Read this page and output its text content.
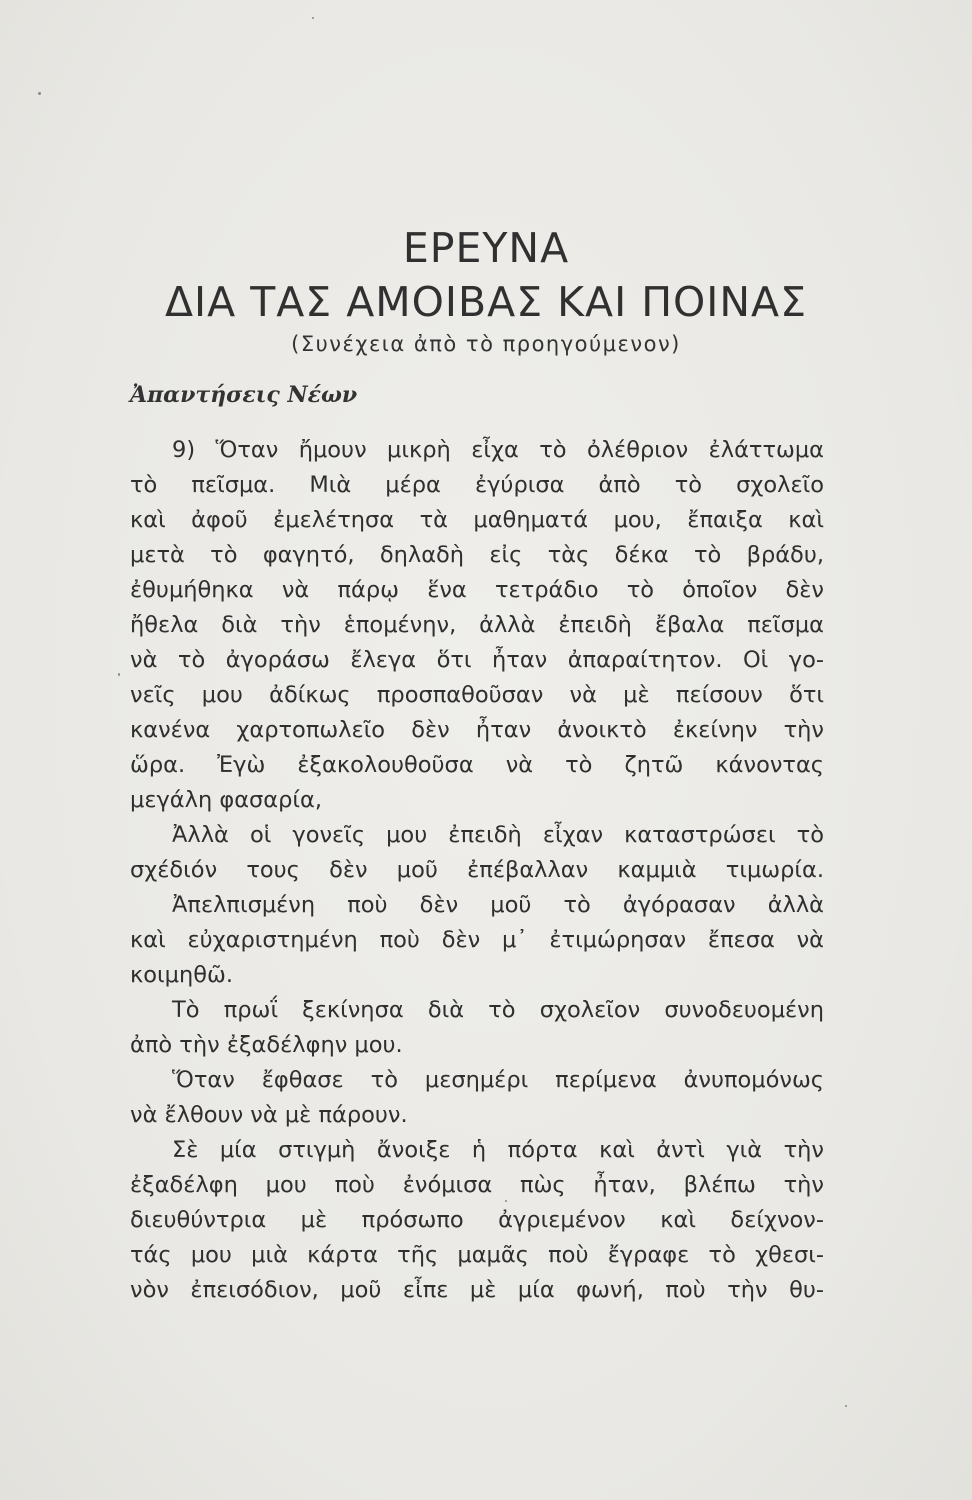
ΕΡΕΥΝΑ
ΔΙΑ ΤΑΣ ΑΜΟΙΒΑΣ ΚΑΙ ΠΟΙΝΑΣ
(Συνέχεια ἀπὸ τὸ προηγούμενον)
Ἀπαντήσεις Νέων
9) Ὅταν ἤμουν μικρὴ εἶχα τὸ ὀλέθριον ἐλάττωμα
τὸ πεῖσμα. Μιὰ μέρα ἐγύρισα ἀπὸ τὸ σχολεῖο
καὶ ἀφοῦ ἐμελέτησα τὰ μαθηματά μου, ἔπαιξα καὶ
μετὰ τὸ φαγητό, δηλαδὴ εἰς τὰς δέκα τὸ βράδυ,
ἐθυμήθηκα νὰ πάρῳ ἕνα τετράδιο τὸ ὁποῖον δὲν
ἤθελα διὰ τὴν ἑπομένην, ἀλλὰ ἐπειδὴ ἔβαλα πεῖσμα
νὰ τὸ ἀγοράσω ἔλεγα ὅτι ἦταν ἀπαραίτητον. Οἱ γο-
νεῖς μου ἀδίκως προσπαθοῦσαν νὰ μὲ πείσουν ὅτι
κανένα χαρτοπωλεῖο δὲν ἦταν ἀνοικτὸ ἐκείνην τὴν
ὥρα. Ἐγὼ ἐξακολουθοῦσα νὰ τὸ ζητῶ κάνοντας
μεγάλη φασαρία,
Ἀλλὰ οἱ γονεῖς μου ἐπειδὴ εἶχαν καταστρώσει τὸ
σχέδιόν τους δὲν μοῦ ἐπέβαλλαν καμμιὰ τιμωρία.
Ἀπελπισμένη ποὺ δὲν μοῦ τὸ ἀγόρασαν ἀλλὰ
καὶ εὐχαριστημένη ποὺ δὲν μ᾿ ἐτιμώρησαν ἔπεσα νὰ
κοιμηθῶ.
Τὸ πρωΐ ξεκίνησα διὰ τὸ σχολεῖον συνοδευομένη
ἀπὸ τὴν ἐξαδέλφην μου.
Ὅταν ἔφθασε τὸ μεσημέρι περίμενα ἀνυπομόνως
νὰ ἔλθουν νὰ μὲ πάρουν.
Σὲ μία στιγμὴ ἄνοιξε ἡ πόρτα καὶ ἀντὶ γιὰ τὴν
ἐξαδέλφη μου ποὺ ἐνόμισα πὼς ἦταν, βλέπω τὴν
διευθύντρια μὲ πρόσωπο ἀγριεμένον καὶ δείχνον-
τάς μου μιὰ κάρτα τῆς μαμᾶς ποὺ ἔγραφε τὸ χθεσι-
νὸν ἐπεισόδιον, μοῦ εἶπε μὲ μία φωνή, ποὺ τὴν θυ-
